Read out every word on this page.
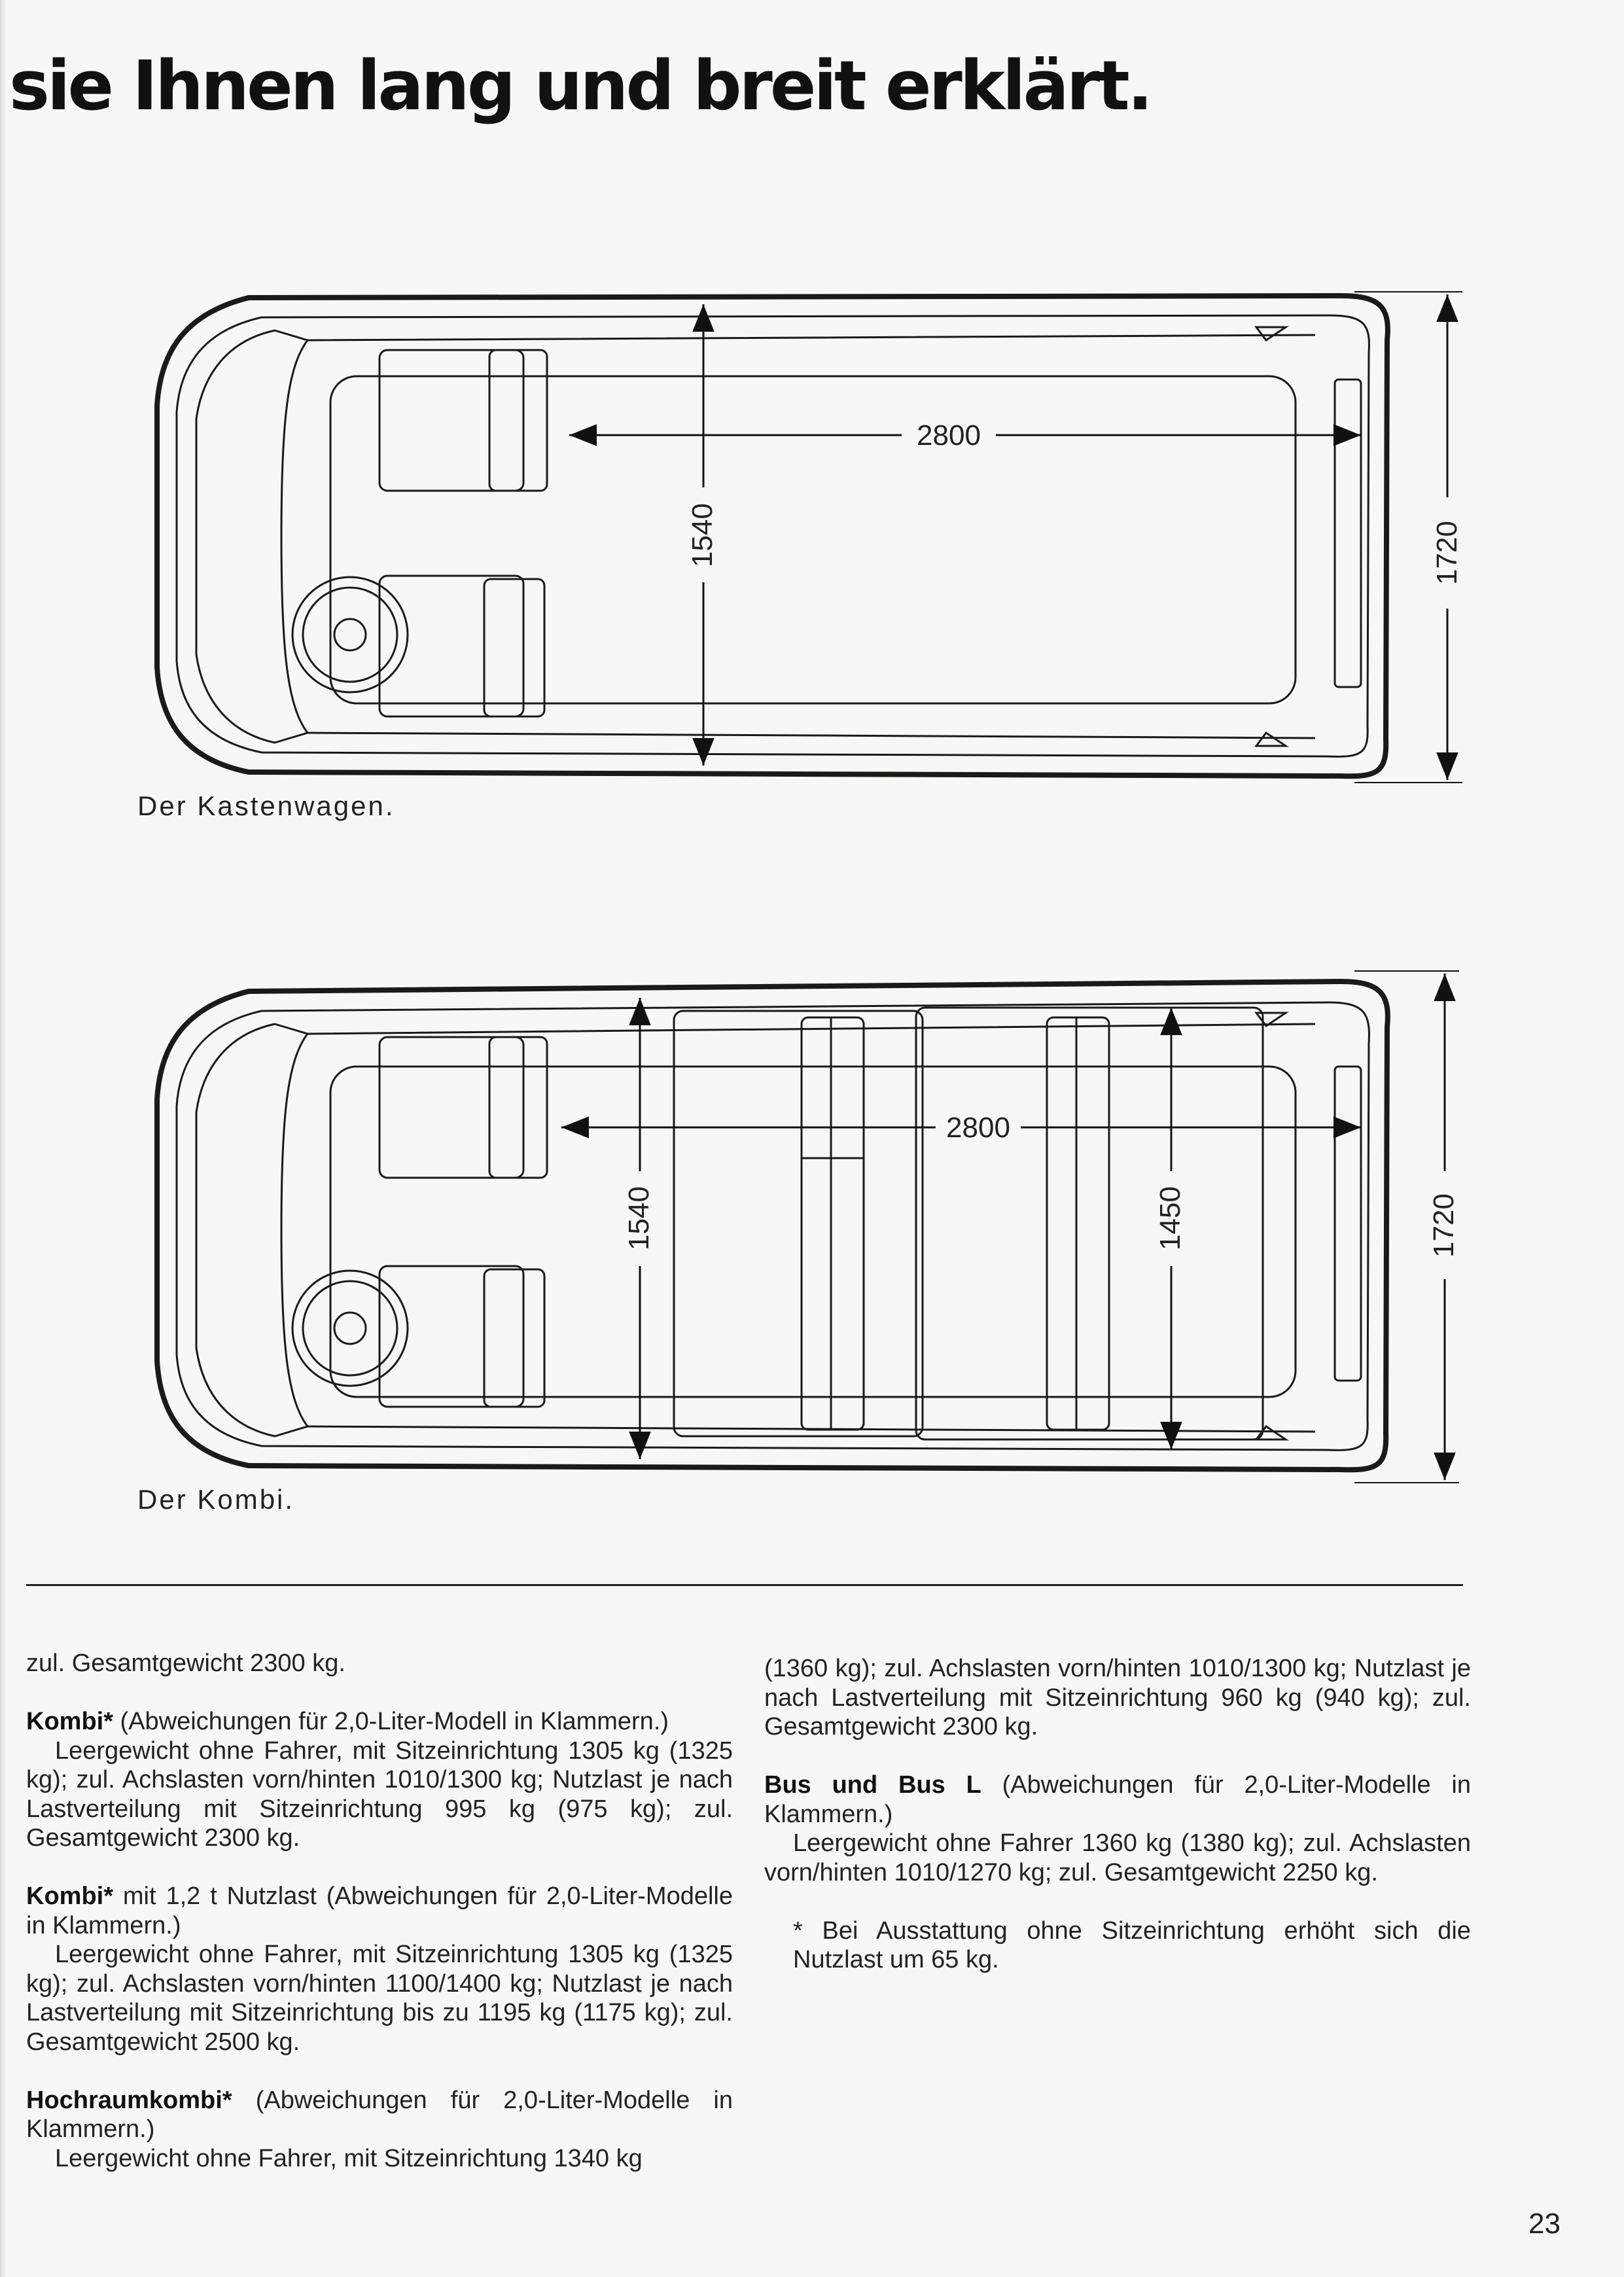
sie Ihnen lang und breit erklärt.
2800
1540	1720
2800
1540	1450	1720
Der Kastenwagen.
Der Kombi.

zul. Gesamtgewicht 2300 kg.

Kombi* (Abweichungen für 2,0-Liter-Modell in Klammern.)
Leergewicht ohne Fahrer, mit Sitzeinrichtung 1305 kg (1325 kg); zul. Achslasten vorn/hinten 1010/1300 kg; Nutzlast je nach Lastverteilung mit Sitzeinrichtung 995 kg (975 kg); zul. Gesamtgewicht 2300 kg.

Kombi* mit 1,2 t Nutzlast (Abweichungen für 2,0-Liter-Modelle in Klammern.)
Leergewicht ohne Fahrer, mit Sitzeinrichtung 1305 kg (1325 kg); zul. Achslasten vorn/hinten 1100/1400 kg; Nutzlast je nach Lastverteilung mit Sitzeinrichtung bis zu 1195 kg (1175 kg); zul. Gesamtgewicht 2500 kg.

Hochraumkombi* (Abweichungen für 2,0-Liter-Modelle in Klammern.)
Leergewicht ohne Fahrer, mit Sitzeinrichtung 1340 kg

(1360 kg); zul. Achslasten vorn/hinten 1010/1300 kg; Nutzlast je nach Lastverteilung mit Sitzeinrichtung 960 kg (940 kg); zul. Gesamtgewicht 2300 kg.

Bus und Bus L (Abweichungen für 2,0-Liter-Modelle in Klammern.)
Leergewicht ohne Fahrer 1360 kg (1380 kg); zul. Achslasten vorn/hinten 1010/1270 kg; zul. Gesamtgewicht 2250 kg.

* Bei Ausstattung ohne Sitzeinrichtung erhöht sich die Nutzlast um 65 kg.

23
